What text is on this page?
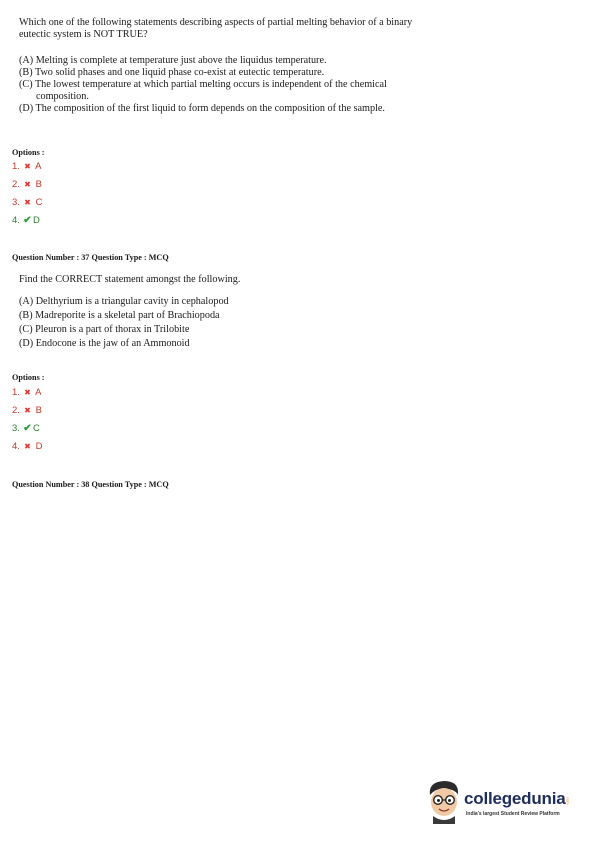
Which one of the following statements describing aspects of partial melting behavior of a binary
eutectic system is NOT TRUE?
(A) Melting is complete at temperature just above the liquidus temperature.
(B) Two solid phases and one liquid phase co-exist at eutectic temperature.
(C) The lowest temperature at which partial melting occurs is independent of the chemical
composition.
(D) The composition of the first liquid to form depends on the composition of the sample.
Options :
1. ✖ A
2. ✖ B
3. ✖ C
4. ✔D
Question Number : 37 Question Type : MCQ
Find the CORRECT statement amongst the following.
(A) Delthyrium is a triangular cavity in cephalopod
(B) Madreporite is a skeletal part of Brachiopoda
(C) Pleuron is a part of thorax in Trilobite
(D) Endocone is the jaw of an Ammonoid
Options :
1. ✖ A
2. ✖ B
3. ✔C
4. ✖ D
Question Number : 38 Question Type : MCQ
collegedunia.com
India's largest Student Review Platform
